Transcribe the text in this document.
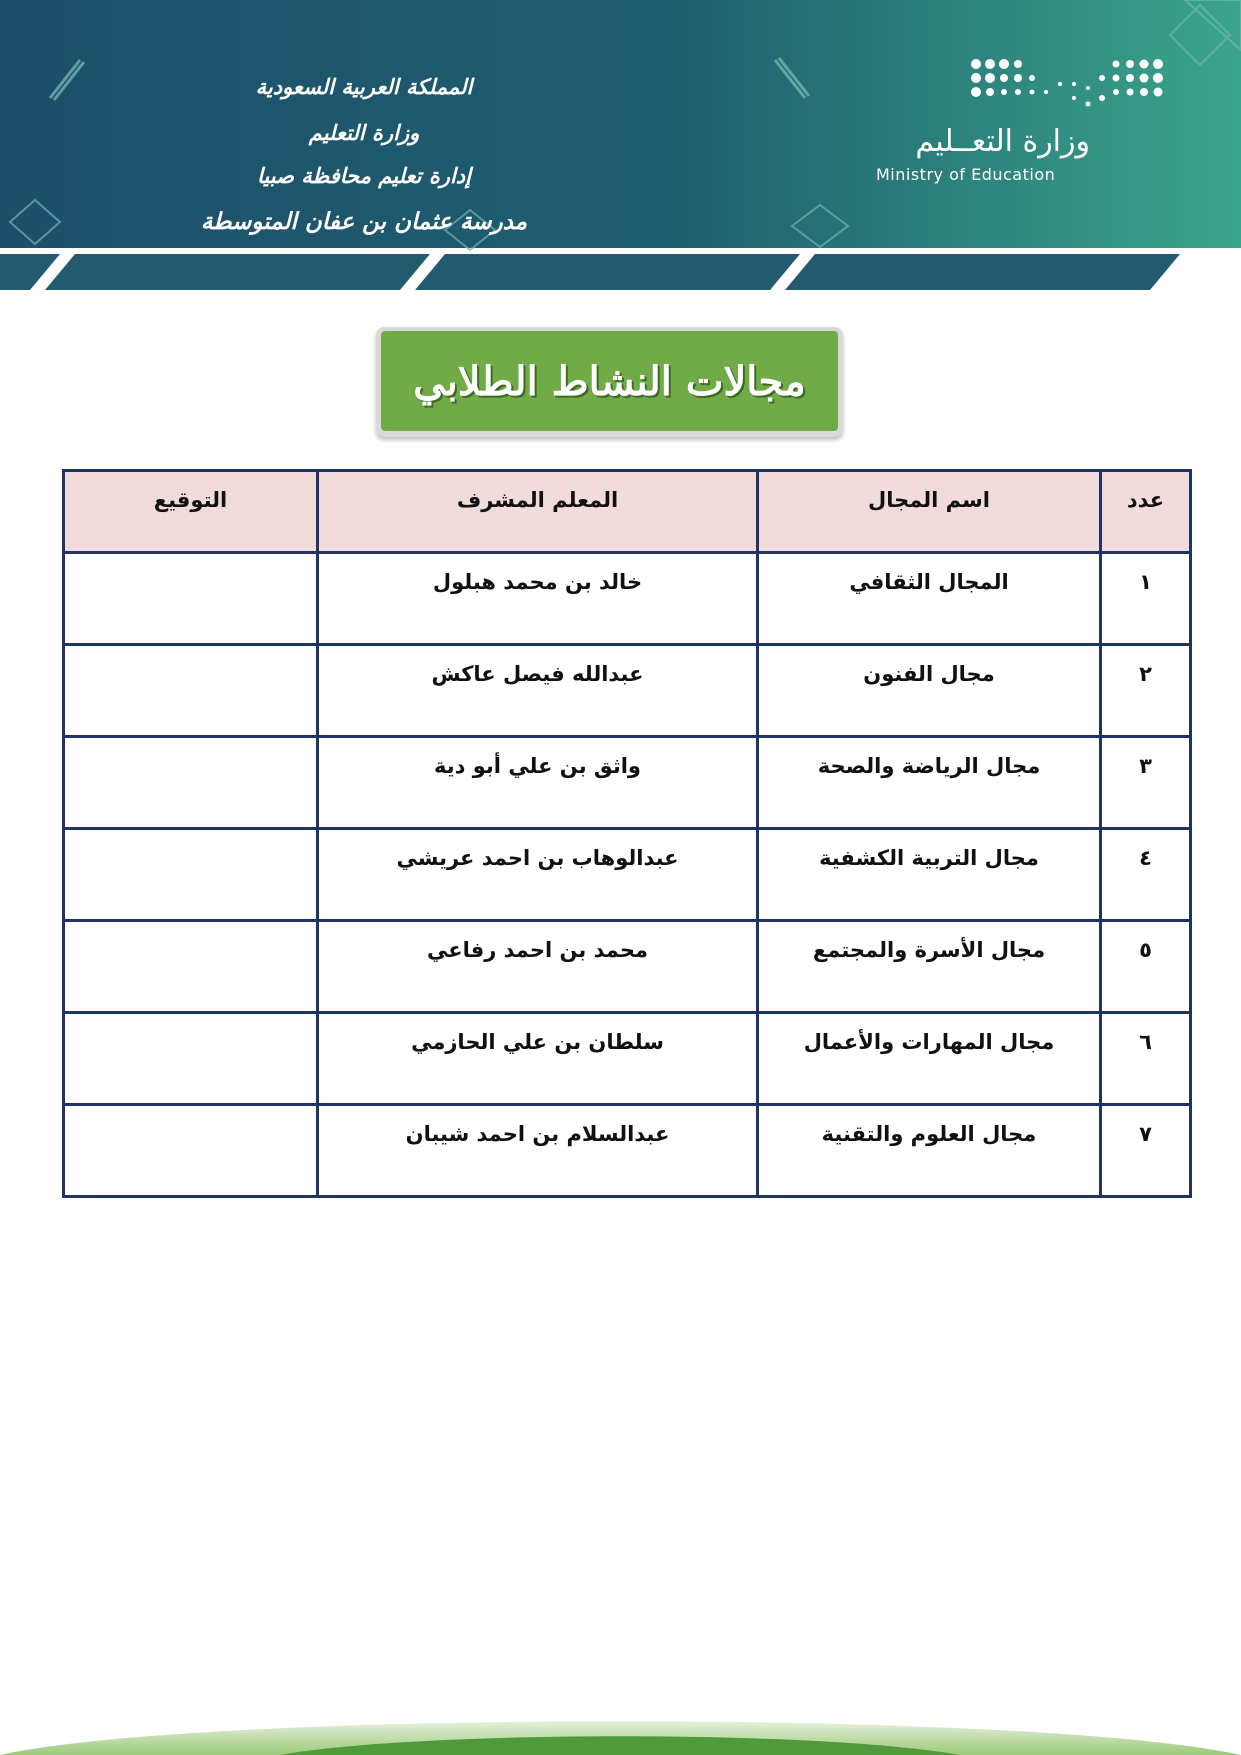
المملكة العربية السعودية
وزارة التعليم
إدارة تعليم محافظة صبيا
مدرسة عثمان بن عفان المتوسطة
وزارة التعــليم
Ministry of Education
مجالات النشاط الطلابي
عدد	اسم المجال	المعلم المشرف	التوقيع
١	المجال الثقافي	خالد بن محمد هبلول	
٢	مجال الفنون	عبدالله فيصل عاكش	
٣	مجال الرياضة والصحة	واثق بن علي أبو دية	
٤	مجال التربية الكشفية	عبدالوهاب بن احمد عريشي	
٥	مجال الأسرة والمجتمع	محمد بن احمد رفاعي	
٦	مجال المهارات والأعمال	سلطان بن علي الحازمي	
٧	مجال العلوم والتقنية	عبدالسلام بن احمد شيبان	
